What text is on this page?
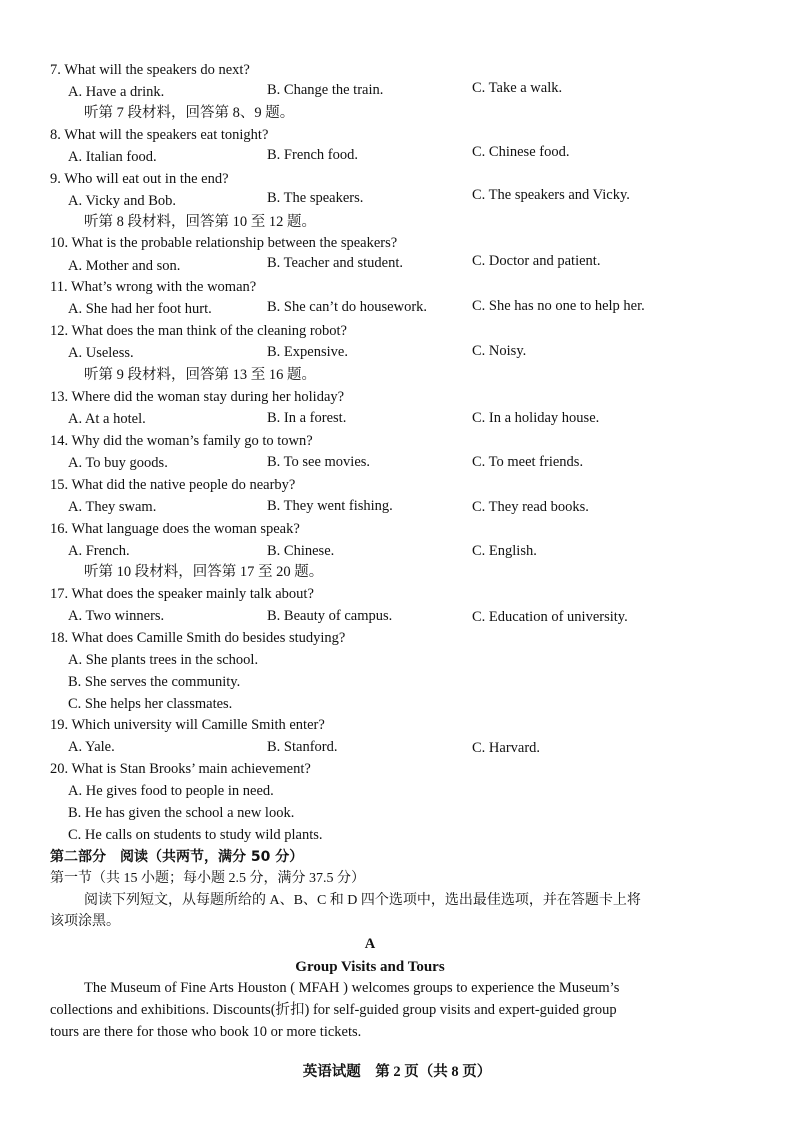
7. What will the speakers do next?
A. Have a drink.	B. Change the train.	C. Take a walk.
听第 7 段材料，回答第 8、9 题。
8. What will the speakers eat tonight?
A. Italian food.	B. French food.	C. Chinese food.
9. Who will eat out in the end?
A. Vicky and Bob.	B. The speakers.	C. The speakers and Vicky.
听第 8 段材料，回答第 10 至 12 题。
10. What is the probable relationship between the speakers?
A. Mother and son.	B. Teacher and student.	C. Doctor and patient.
11. What’s wrong with the woman?
A. She had her foot hurt.	B. She can’t do housework.	C. She has no one to help her.
12. What does the man think of the cleaning robot?
A. Useless.	B. Expensive.	C. Noisy.
听第 9 段材料，回答第 13 至 16 题。
13. Where did the woman stay during her holiday?
A. At a hotel.	B. In a forest.	C. In a holiday house.
14. Why did the woman’s family go to town?
A. To buy goods.	B. To see movies.	C. To meet friends.
15. What did the native people do nearby?
A. They swam.	B. They went fishing.	C. They read books.
16. What language does the woman speak?
A. French.	B. Chinese.	C. English.
听第 10 段材料，回答第 17 至 20 题。
17. What does the speaker mainly talk about?
A. Two winners.	B. Beauty of campus.	C. Education of university.
18. What does Camille Smith do besides studying?
A. She plants trees in the school.
B. She serves the community.
C. She helps her classmates.
19. Which university will Camille Smith enter?
A. Yale.	B. Stanford.	C. Harvard.
20. What is Stan Brooks’ main achievement?
A. He gives food to people in need.
B. He has given the school a new look.
C. He calls on students to study wild plants.
第二部分　阅读（共两节，满分 50 分）
第一节（共 15 小题；每小题 2.5 分，满分 37.5 分）
阅读下列短文，从每题所给的 A、B、C 和 D 四个选项中，选出最佳选项，并在答题卡上将
该项涂黑。
A
Group Visits and Tours
The Museum of Fine Arts Houston ( MFAH ) welcomes groups to experience the Museum’s
collections and exhibitions. Discounts(折扣) for self-guided group visits and expert-guided group
tours are there for those who book 10 or more tickets.
英语试题　第 2 页（共 8 页）
